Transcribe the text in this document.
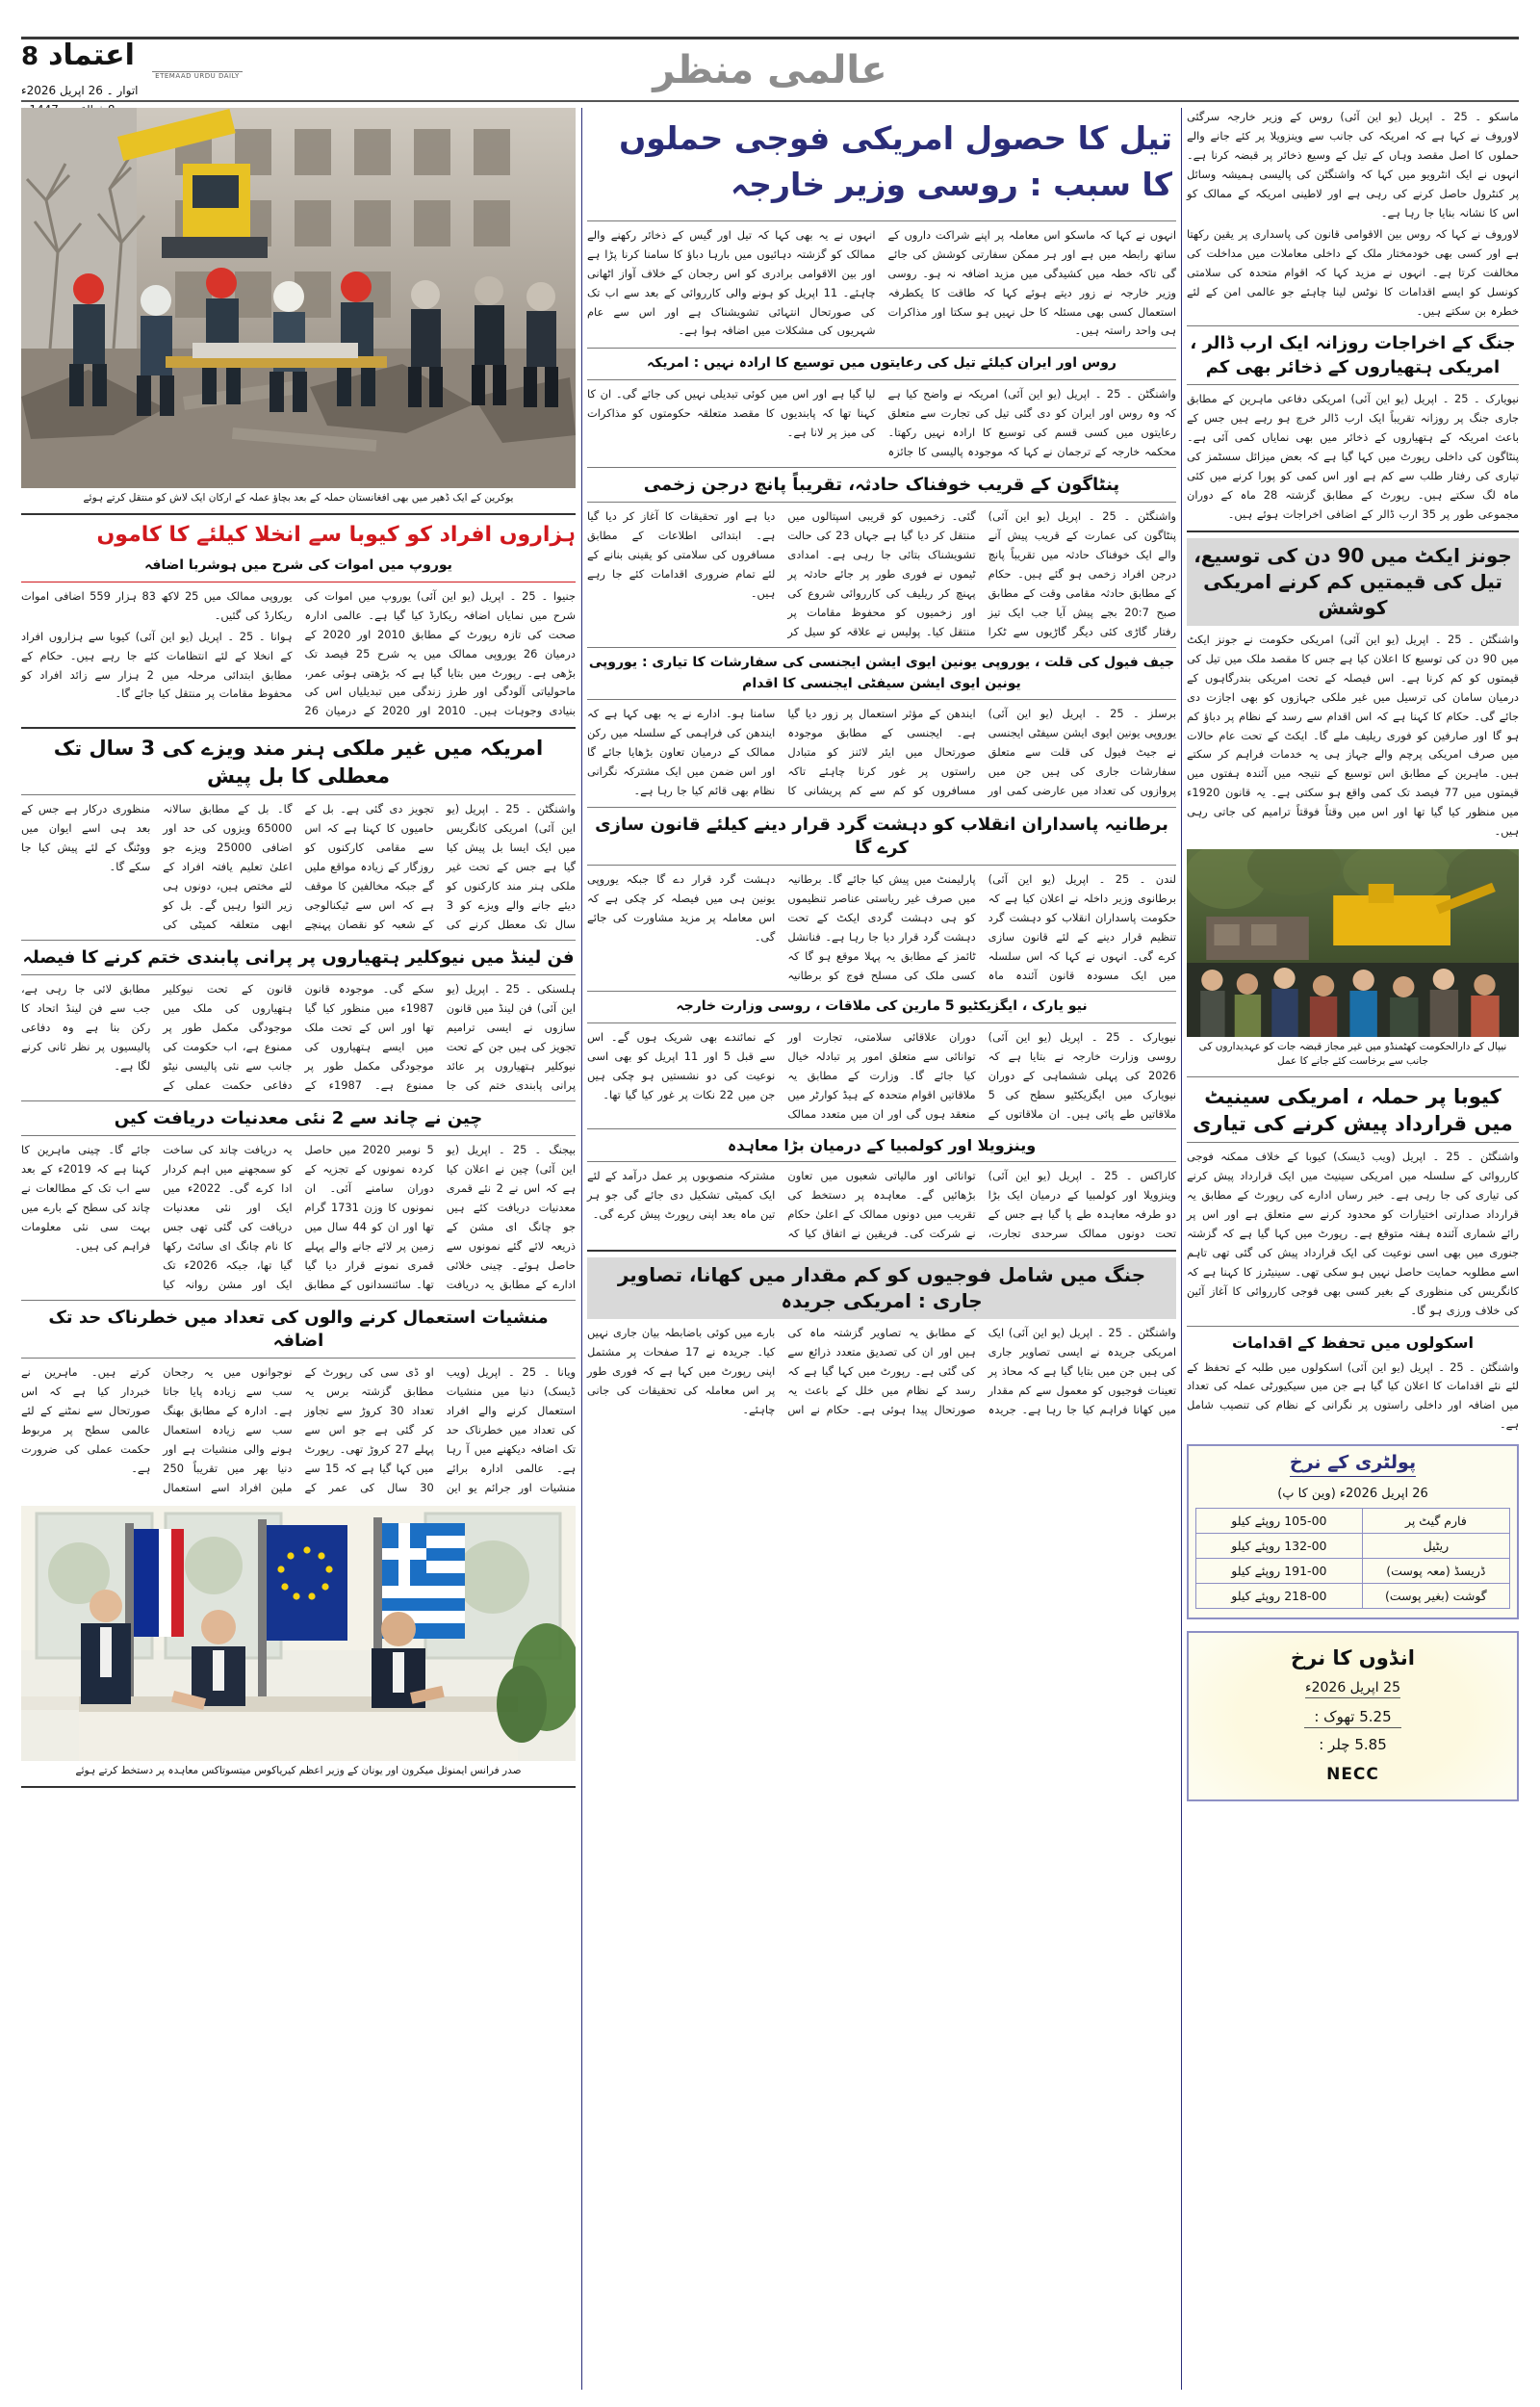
8 اعتماد
ETEMAAD URDU DAILY
اتوار ۔ 26 اپریل 2026ء	عالمی منظر

ماسکو ۔ 25 ۔ اپریل (یو این آئی) روس کے وزیر خارجہ سرگئی لاوروف نے کہا ہے کہ امریکہ کی جانب سے وینزویلا پر کئے جانے والے حملوں کا اصل مقصد وہاں کے تیل کے وسیع ذخائر پر قبضہ کرنا ہے۔ انہوں نے ایک انٹرویو میں کہا کہ واشنگٹن کی پالیسی ہمیشہ وسائل پر کنٹرول حاصل کرنے کی رہی ہے اور لاطینی امریکہ کے ممالک کو اس کا نشانہ بنایا جا رہا ہے۔

لاوروف نے کہا کہ روس بین الاقوامی قانون کی پاسداری پر یقین رکھتا ہے اور کسی بھی خودمختار ملک کے داخلی معاملات میں مداخلت کی مخالفت کرتا ہے۔ انہوں نے مزید کہا کہ اقوام متحدہ کی سلامتی کونسل کو ایسے اقدامات کا نوٹس لینا چاہئے جو عالمی امن کے لئے خطرہ بن سکتے ہیں۔

جنگ کے اخراجات روزانہ ایک ارب ڈالر ، امریکی ہتھیاروں کے ذخائر بھی کم

نیویارک ۔ 25 ۔ اپریل (یو این آئی) امریکی دفاعی ماہرین کے مطابق جاری جنگ پر روزانہ تقریباً ایک ارب ڈالر خرچ ہو رہے ہیں جس کے باعث امریکہ کے ہتھیاروں کے ذخائر میں بھی نمایاں کمی آئی ہے۔ پنٹاگون کی داخلی رپورٹ میں کہا گیا ہے کہ بعض میزائل سسٹمز کی تیاری کی رفتار طلب سے کم ہے اور اس کمی کو پورا کرنے میں کئی ماہ لگ سکتے ہیں۔ رپورٹ کے مطابق گزشتہ 28 ماہ کے دوران مجموعی طور پر 35 ارب ڈالر کے اضافی اخراجات ہوئے ہیں۔

جونز ایکٹ میں 90 دن کی توسیع، تیل کی قیمتیں کم کرنے امریکی کوشش

واشنگٹن ۔ 25 ۔ اپریل (یو این آئی) امریکی حکومت نے جونز ایکٹ میں 90 دن کی توسیع کا اعلان کیا ہے جس کا مقصد ملک میں تیل کی قیمتوں کو کم کرنا ہے۔ اس فیصلہ کے تحت امریکی بندرگاہوں کے درمیان سامان کی ترسیل میں غیر ملکی جہازوں کو بھی اجازت دی جائے گی۔ حکام کا کہنا ہے کہ اس اقدام سے رسد کے نظام پر دباؤ کم ہو گا اور صارفین کو فوری ریلیف ملے گا۔ ایکٹ کے تحت عام حالات میں صرف امریکی پرچم والے جہاز ہی یہ خدمات فراہم کر سکتے ہیں۔ ماہرین کے مطابق اس توسیع کے نتیجہ میں آئندہ ہفتوں میں قیمتوں میں 77 فیصد تک کمی واقع ہو سکتی ہے۔ یہ قانون 1920ء میں منظور کیا گیا تھا اور اس میں وقتاً فوقتاً ترامیم کی جاتی رہی ہیں۔

نیپال کے دارالحکومت کھٹمنڈو میں غیر مجاز قبضہ جات کو عہدیداروں کی جانب سے برخاست کئے جانے کا عمل
کیوبا پر حملہ ، امریکی سینیٹ میں قرارداد پیش کرنے کی تیاری

واشنگٹن ۔ 25 ۔ اپریل (ویب ڈیسک) کیوبا کے خلاف ممکنہ فوجی کارروائی کے سلسلہ میں امریکی سینیٹ میں ایک قرارداد پیش کرنے کی تیاری کی جا رہی ہے۔ خبر رساں ادارے کی رپورٹ کے مطابق یہ قرارداد صدارتی اختیارات کو محدود کرنے سے متعلق ہے اور اس پر رائے شماری آئندہ ہفتہ متوقع ہے۔ رپورٹ میں کہا گیا ہے کہ گزشتہ جنوری میں بھی اسی نوعیت کی ایک قرارداد پیش کی گئی تھی تاہم اسے مطلوبہ حمایت حاصل نہیں ہو سکی تھی۔ سینیٹرز کا کہنا ہے کہ کانگریس کی منظوری کے بغیر کسی بھی فوجی کارروائی کا آغاز آئین کی خلاف ورزی ہو گا۔

اسکولوں میں تحفظ کے اقدامات

واشنگٹن ۔ 25 ۔ اپریل (یو این آئی) اسکولوں میں طلبہ کے تحفظ کے لئے نئے اقدامات کا اعلان کیا گیا ہے جن میں سیکیورٹی عملہ کی تعداد میں اضافہ اور داخلی راستوں پر نگرانی کے نظام کی تنصیب شامل ہے۔

پولٹری کے نرخ
26 اپریل 2026ء (وین کا پ)
فارم گیٹ پر	105-00 روپئے کیلو
ریٹیل	132-00 روپئے کیلو
ڈریسڈ (معہ پوست)	191-00 روپئے کیلو
گوشت (بغیر پوست)	218-00 روپئے کیلو
انڈوں کا نرخ
25 اپریل 2026ء
5.25 تھوک :
5.85 چلر :
NECC
تیل کا حصول امریکی فوجی حملوں کا سبب : روسی وزیر خارجہ

انہوں نے کہا کہ ماسکو اس معاملہ پر اپنے شراکت داروں کے ساتھ رابطہ میں ہے اور ہر ممکن سفارتی کوشش کی جائے گی تاکہ خطہ میں کشیدگی میں مزید اضافہ نہ ہو۔ روسی وزیر خارجہ نے زور دیتے ہوئے کہا کہ طاقت کا یکطرفہ استعمال کسی بھی مسئلہ کا حل نہیں ہو سکتا اور مذاکرات ہی واحد راستہ ہیں۔

انہوں نے یہ بھی کہا کہ تیل اور گیس کے ذخائر رکھنے والے ممالک کو گزشتہ دہائیوں میں بارہا دباؤ کا سامنا کرنا پڑا ہے اور بین الاقوامی برادری کو اس رجحان کے خلاف آواز اٹھانی چاہئے۔ 11 اپریل کو ہونے والی کارروائی کے بعد سے اب تک کی صورتحال انتہائی تشویشناک ہے اور اس سے عام شہریوں کی مشکلات میں اضافہ ہوا ہے۔

روس اور ایران کیلئے تیل کی رعایتوں میں توسیع کا ارادہ نہیں : امریکہ

واشنگٹن ۔ 25 ۔ اپریل (یو این آئی) امریکہ نے واضح کیا ہے کہ وہ روس اور ایران کو دی گئی تیل کی تجارت سے متعلق رعایتوں میں کسی قسم کی توسیع کا ارادہ نہیں رکھتا۔ محکمہ خارجہ کے ترجمان نے کہا کہ موجودہ پالیسی کا جائزہ لیا گیا ہے اور اس میں کوئی تبدیلی نہیں کی جائے گی۔ ان کا کہنا تھا کہ پابندیوں کا مقصد متعلقہ حکومتوں کو مذاکرات کی میز پر لانا ہے۔

پنٹاگون کے قریب خوفناک حادثہ، تقریباً پانچ درجن زخمی

واشنگٹن ۔ 25 ۔ اپریل (یو این آئی) پنٹاگون کی عمارت کے قریب پیش آنے والے ایک خوفناک حادثہ میں تقریباً پانچ درجن افراد زخمی ہو گئے ہیں۔ حکام کے مطابق حادثہ مقامی وقت کے مطابق صبح 20:7 بجے پیش آیا جب ایک تیز رفتار گاڑی کئی دیگر گاڑیوں سے ٹکرا گئی۔ زخمیوں کو قریبی اسپتالوں میں منتقل کر دیا گیا ہے جہاں 23 کی حالت تشویشناک بتائی جا رہی ہے۔ امدادی ٹیموں نے فوری طور پر جائے حادثہ پر پہنچ کر ریلیف کی کارروائی شروع کی اور زخمیوں کو محفوظ مقامات پر منتقل کیا۔ پولیس نے علاقہ کو سیل کر دیا ہے اور تحقیقات کا آغاز کر دیا گیا ہے۔ ابتدائی اطلاعات کے مطابق مسافروں کی سلامتی کو یقینی بنانے کے لئے تمام ضروری اقدامات کئے جا رہے ہیں۔

جیف فیول کی قلت ، یوروپی یونین ایوی ایشن ایجنسی کی سفارشات کا تیاری : یوروپی یونین ایوی ایشن سیفٹی ایجنسی کا اقدام

برسلز ۔ 25 ۔ اپریل (یو این آئی) یوروپی یونین ایوی ایشن سیفٹی ایجنسی نے جیٹ فیول کی قلت سے متعلق سفارشات جاری کی ہیں جن میں پروازوں کی تعداد میں عارضی کمی اور ایندھن کے مؤثر استعمال پر زور دیا گیا ہے۔ ایجنسی کے مطابق موجودہ صورتحال میں ایئر لائنز کو متبادل راستوں پر غور کرنا چاہئے تاکہ مسافروں کو کم سے کم پریشانی کا سامنا ہو۔ ادارے نے یہ بھی کہا ہے کہ ایندھن کی فراہمی کے سلسلہ میں رکن ممالک کے درمیان تعاون بڑھایا جائے گا اور اس ضمن میں ایک مشترکہ نگرانی نظام بھی قائم کیا جا رہا ہے۔

برطانیہ پاسداران انقلاب کو دہشت گرد قرار دینے کیلئے قانون سازی کرے گا

لندن ۔ 25 ۔ اپریل (یو این آئی) برطانوی وزیر داخلہ نے اعلان کیا ہے کہ حکومت پاسداران انقلاب کو دہشت گرد تنظیم قرار دینے کے لئے قانون سازی کرے گی۔ انہوں نے کہا کہ اس سلسلہ میں ایک مسودہ قانون آئندہ ماہ پارلیمنٹ میں پیش کیا جائے گا۔ برطانیہ میں صرف غیر ریاستی عناصر تنظیموں کو ہی دہشت گردی ایکٹ کے تحت دہشت گرد قرار دیا جا رہا ہے۔ فنانشل ٹائمز کے مطابق یہ پہلا موقع ہو گا کہ کسی ملک کی مسلح فوج کو برطانیہ دہشت گرد قرار دے گا جبکہ یوروپی یونین ہی میں فیصلہ کر چکی ہے کہ اس معاملہ پر مزید مشاورت کی جائے گی۔

نیو یارک ، ایگزیکٹیو 5 مارین کی ملاقات ، روسی وزارت خارجہ

نیویارک ۔ 25 ۔ اپریل (یو این آئی) روسی وزارت خارجہ نے بتایا ہے کہ 2026 کی پہلی ششماہی کے دوران نیویارک میں ایگزیکٹیو سطح کی 5 ملاقاتیں طے پائی ہیں۔ ان ملاقاتوں کے دوران علاقائی سلامتی، تجارت اور توانائی سے متعلق امور پر تبادلہ خیال کیا جائے گا۔ وزارت کے مطابق یہ ملاقاتیں اقوام متحدہ کے ہیڈ کوارٹر میں منعقد ہوں گی اور ان میں متعدد ممالک کے نمائندے بھی شریک ہوں گے۔ اس سے قبل 5 اور 11 اپریل کو بھی اسی نوعیت کی دو نشستیں ہو چکی ہیں جن میں 22 نکات پر غور کیا گیا تھا۔

وینزویلا اور کولمبیا کے درمیان بڑا معاہدہ

کاراکس ۔ 25 ۔ اپریل (یو این آئی) وینزویلا اور کولمبیا کے درمیان ایک بڑا دو طرفہ معاہدہ طے پا گیا ہے جس کے تحت دونوں ممالک سرحدی تجارت، توانائی اور مالیاتی شعبوں میں تعاون بڑھائیں گے۔ معاہدہ پر دستخط کی تقریب میں دونوں ممالک کے اعلیٰ حکام نے شرکت کی۔ فریقین نے اتفاق کیا کہ مشترکہ منصوبوں پر عمل درآمد کے لئے ایک کمیٹی تشکیل دی جائے گی جو ہر تین ماہ بعد اپنی رپورٹ پیش کرے گی۔

جنگ میں شامل فوجیوں کو کم مقدار میں کھانا، تصاویر جاری : امریکی جریدہ

واشنگٹن ۔ 25 ۔ اپریل (یو این آئی) ایک امریکی جریدہ نے ایسی تصاویر جاری کی ہیں جن میں بتایا گیا ہے کہ محاذ پر تعینات فوجیوں کو معمول سے کم مقدار میں کھانا فراہم کیا جا رہا ہے۔ جریدہ کے مطابق یہ تصاویر گزشتہ ماہ کی ہیں اور ان کی تصدیق متعدد ذرائع سے کی گئی ہے۔ رپورٹ میں کہا گیا ہے کہ رسد کے نظام میں خلل کے باعث یہ صورتحال پیدا ہوئی ہے۔ حکام نے اس بارے میں کوئی باضابطہ بیان جاری نہیں کیا۔ جریدہ نے 17 صفحات پر مشتمل اپنی رپورٹ میں کہا ہے کہ فوری طور پر اس معاملہ کی تحقیقات کی جانی چاہئے۔

یوکرین کے ایک ڈھیر میں بھی افغانستان حملہ کے بعد بچاؤ عملہ کے ارکان ایک لاش کو منتقل کرتے ہوئے
ہزاروں افراد کو کیوبا سے انخلا کیلئے کا کاموں
یوروپ میں اموات کی شرح میں ہوشربا اضافہ

جنیوا ۔ 25 ۔ اپریل (یو این آئی) یوروپ میں اموات کی شرح میں نمایاں اضافہ ریکارڈ کیا گیا ہے۔ عالمی ادارہ صحت کی تازہ رپورٹ کے مطابق 2010 اور 2020 کے درمیان 26 یوروپی ممالک میں یہ شرح 25 فیصد تک بڑھی ہے۔ رپورٹ میں بتایا گیا ہے کہ بڑھتی ہوئی عمر، ماحولیاتی آلودگی اور طرز زندگی میں تبدیلیاں اس کی بنیادی وجوہات ہیں۔ 2010 اور 2020 کے درمیان 26 یوروپی ممالک میں 25 لاکھ 83 ہزار 559 اضافی اموات ریکارڈ کی گئیں۔

ہوانا ۔ 25 ۔ اپریل (یو این آئی) کیوبا سے ہزاروں افراد کے انخلا کے لئے انتظامات کئے جا رہے ہیں۔ حکام کے مطابق ابتدائی مرحلہ میں 2 ہزار سے زائد افراد کو محفوظ مقامات پر منتقل کیا جائے گا۔

امریکہ میں غیر ملکی ہنر مند ویزے کی 3 سال تک معطلی کا بل پیش

واشنگٹن ۔ 25 ۔ اپریل (یو این آئی) امریکی کانگریس میں ایک ایسا بل پیش کیا گیا ہے جس کے تحت غیر ملکی ہنر مند کارکنوں کو دیئے جانے والے ویزے کو 3 سال تک معطل کرنے کی تجویز دی گئی ہے۔ بل کے حامیوں کا کہنا ہے کہ اس سے مقامی کارکنوں کو روزگار کے زیادہ مواقع ملیں گے جبکہ مخالفین کا موقف ہے کہ اس سے ٹیکنالوجی کے شعبہ کو نقصان پہنچے گا۔ بل کے مطابق سالانہ 65000 ویزوں کی حد اور اضافی 25000 ویزے جو اعلیٰ تعلیم یافتہ افراد کے لئے مختص ہیں، دونوں ہی زیر التوا رہیں گے۔ بل کو ابھی متعلقہ کمیٹی کی منظوری درکار ہے جس کے بعد ہی اسے ایوان میں ووٹنگ کے لئے پیش کیا جا سکے گا۔

فن لینڈ میں نیوکلیر ہتھیاروں پر پرانی پابندی ختم کرنے کا فیصلہ

ہلسنکی ۔ 25 ۔ اپریل (یو این آئی) فن لینڈ میں قانون سازوں نے ایسی ترامیم تجویز کی ہیں جن کے تحت نیوکلیر ہتھیاروں پر عائد پرانی پابندی ختم کی جا سکے گی۔ موجودہ قانون 1987ء میں منظور کیا گیا تھا اور اس کے تحت ملک میں ایسے ہتھیاروں کی موجودگی مکمل طور پر ممنوع ہے۔ 1987ء کے قانون کے تحت نیوکلیر ہتھیاروں کی ملک میں موجودگی مکمل طور پر ممنوع ہے، اب حکومت کی جانب سے نئی پالیسی نیٹو دفاعی حکمت عملی کے مطابق لائی جا رہی ہے، جب سے فن لینڈ اتحاد کا رکن بنا ہے وہ دفاعی پالیسیوں پر نظر ثانی کرنے لگا ہے۔

چین نے چاند سے 2 نئی معدنیات دریافت کیں

بیجنگ ۔ 25 ۔ اپریل (یو این آئی) چین نے اعلان کیا ہے کہ اس نے 2 نئے قمری معدنیات دریافت کئے ہیں جو چانگ ای مشن کے ذریعہ لائے گئے نمونوں سے حاصل ہوئے۔ چینی خلائی ادارے کے مطابق یہ دریافت 5 نومبر 2020 میں حاصل کردہ نمونوں کے تجزیہ کے دوران سامنے آئی۔ ان نمونوں کا وزن 1731 گرام تھا اور ان کو 44 سال میں زمین پر لائے جانے والے پہلے قمری نمونے قرار دیا گیا تھا۔ سائنسدانوں کے مطابق یہ دریافت چاند کی ساخت کو سمجھنے میں اہم کردار ادا کرے گی۔ 2022ء میں ایک اور نئی معدنیات دریافت کی گئی تھی جس کا نام چانگ ای سائٹ رکھا گیا تھا، جبکہ 2026ء تک ایک اور مشن روانہ کیا جائے گا۔ چینی ماہرین کا کہنا ہے کہ 2019ء کے بعد سے اب تک کے مطالعات نے چاند کی سطح کے بارے میں بہت سی نئی معلومات فراہم کی ہیں۔

منشیات استعمال کرنے والوں کی تعداد میں خطرناک حد تک اضافہ

ویانا ۔ 25 ۔ اپریل (ویب ڈیسک) دنیا میں منشیات استعمال کرنے والے افراد کی تعداد میں خطرناک حد تک اضافہ دیکھنے میں آ رہا ہے۔ عالمی ادارہ برائے منشیات اور جرائم یو این او ڈی سی کی رپورٹ کے مطابق گزشتہ برس یہ تعداد 30 کروڑ سے تجاوز کر گئی ہے جو اس سے پہلے 27 کروڑ تھی۔ رپورٹ میں کہا گیا ہے کہ 15 سے 30 سال کی عمر کے نوجوانوں میں یہ رجحان سب سے زیادہ پایا جاتا ہے۔ ادارہ کے مطابق بھنگ سب سے زیادہ استعمال ہونے والی منشیات ہے اور دنیا بھر میں تقریباً 250 ملین افراد اسے استعمال کرتے ہیں۔ ماہرین نے خبردار کیا ہے کہ اس صورتحال سے نمٹنے کے لئے عالمی سطح پر مربوط حکمت عملی کی ضرورت ہے۔

صدر فرانس ایمنوئل میکرون اور یونان کے وزیر اعظم کیریاکوس میتسوتاکس معاہدہ پر دستخط کرتے ہوئے
